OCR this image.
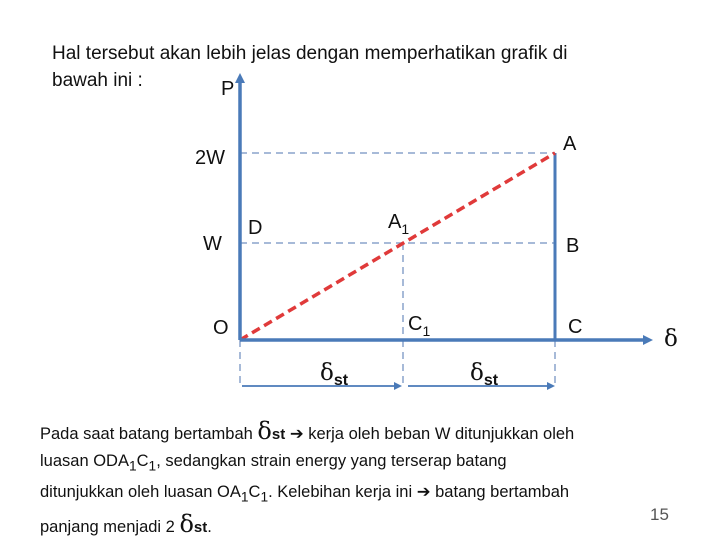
Hal tersebut akan lebih jelas dengan memperhatikan grafik di
bawah ini :	P
2W
W
O
D
A
B
C
$A_1$
$C_1$	δ
$\delta_{st}$	$\delta_{st}$
Pada saat batang bertambah δst ➔ kerja oleh beban W ditunjukkan oleh
luasan $ODA_1C_1$, sedangkan strain energy yang terserap batang
ditunjukkan oleh luasan $OA_1C_1$. Kelebihan kerja ini ➔ batang bertambah
panjang menjadi 2 δst.
15
